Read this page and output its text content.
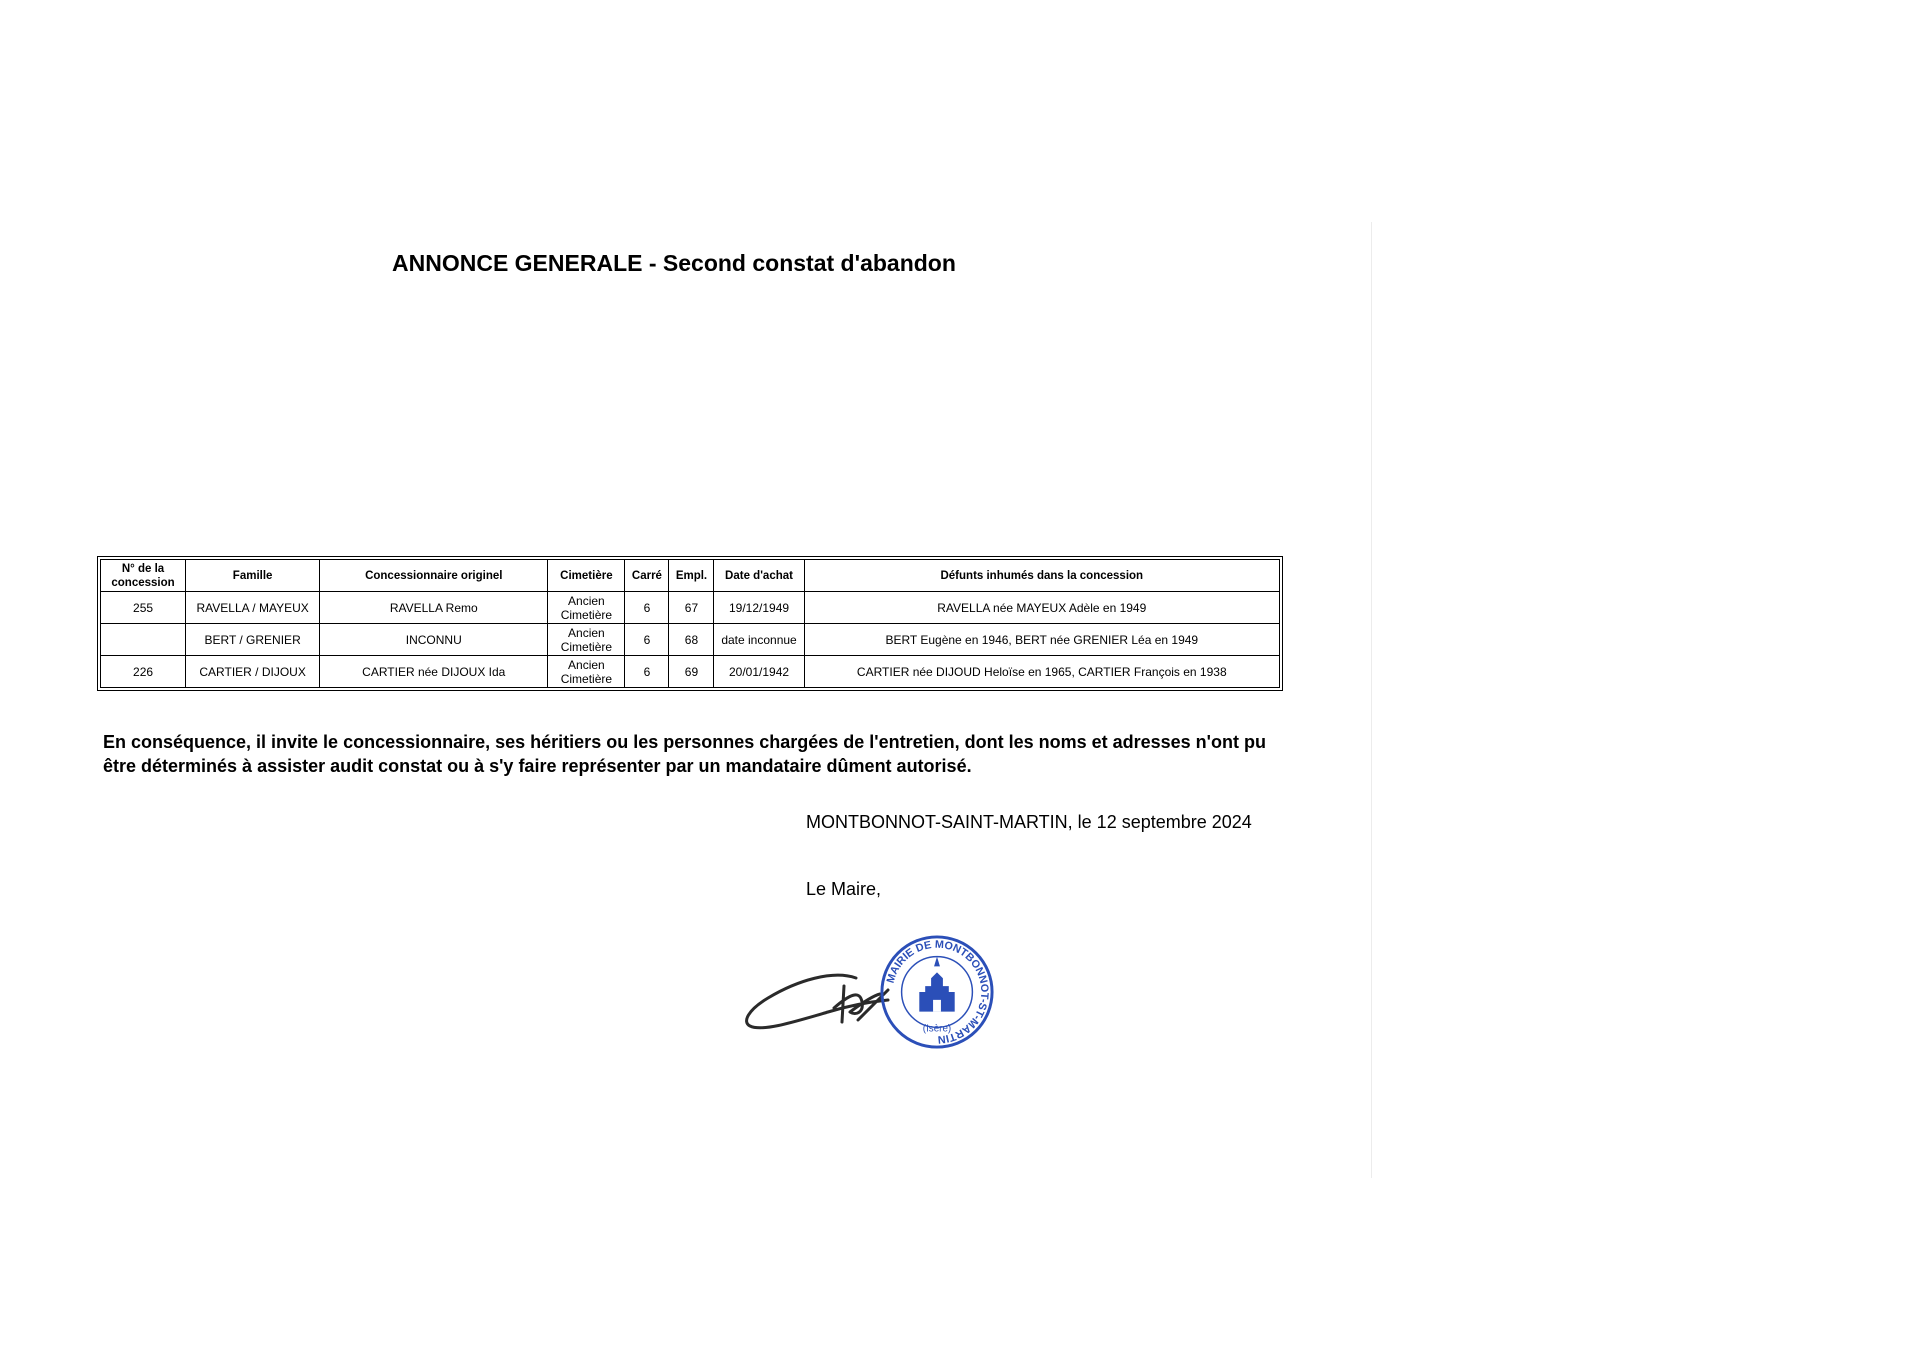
ANNONCE GENERALE - Second constat d'abandon
N° de la concession	Famille	Concessionnaire originel	Cimetière	Carré	Empl.	Date d'achat	Défunts inhumés dans la concession
255	RAVELLA / MAYEUX	RAVELLA Remo	Ancien Cimetière	6	67	19/12/1949	RAVELLA née MAYEUX Adèle en 1949
	BERT / GRENIER	INCONNU	Ancien Cimetière	6	68	date inconnue	BERT Eugène en 1946, BERT née GRENIER Léa en 1949
226	CARTIER / DIJOUX	CARTIER née DIJOUX Ida	Ancien Cimetière	6	69	20/01/1942	CARTIER née DIJOUD Heloïse en 1965, CARTIER François en 1938
En conséquence, il invite le concessionnaire, ses héritiers ou les personnes chargées de l'entretien, dont les noms et adresses n'ont pu être déterminés à assister audit constat ou à s'y faire représenter par un mandataire dûment autorisé.
MONTBONNOT-SAINT-MARTIN, le 12 septembre 2024
Le Maire,
MAIRIE DE MONTBONNOT-ST-MARTIN
(Isère)
